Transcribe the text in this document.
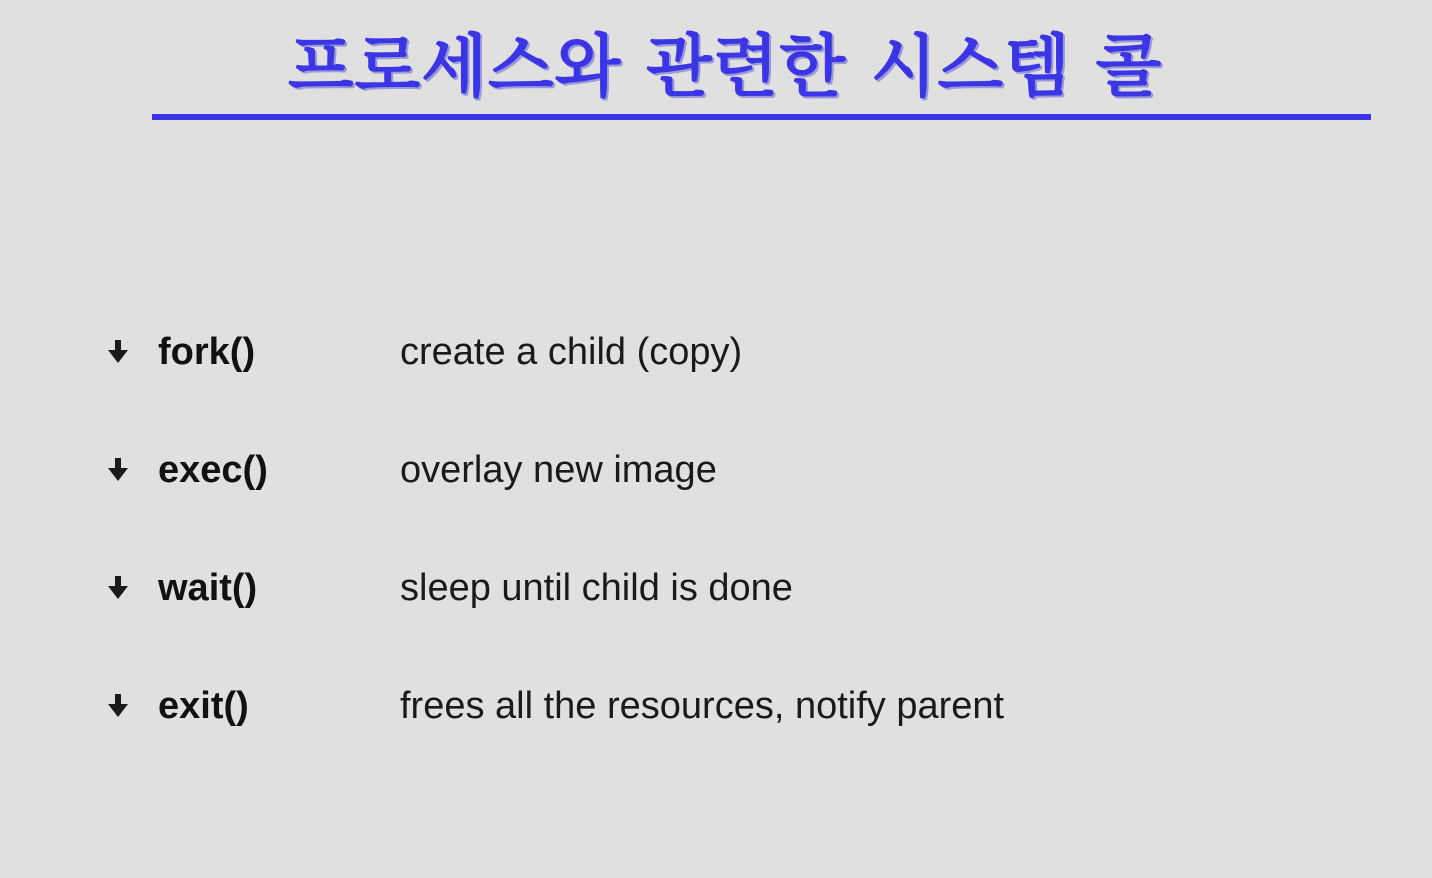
프로세스와 관련한 시스템 콜
fork()	create a child (copy)
exec()	overlay new image
wait()	sleep until child is done
exit()	frees all the resources, notify parent
